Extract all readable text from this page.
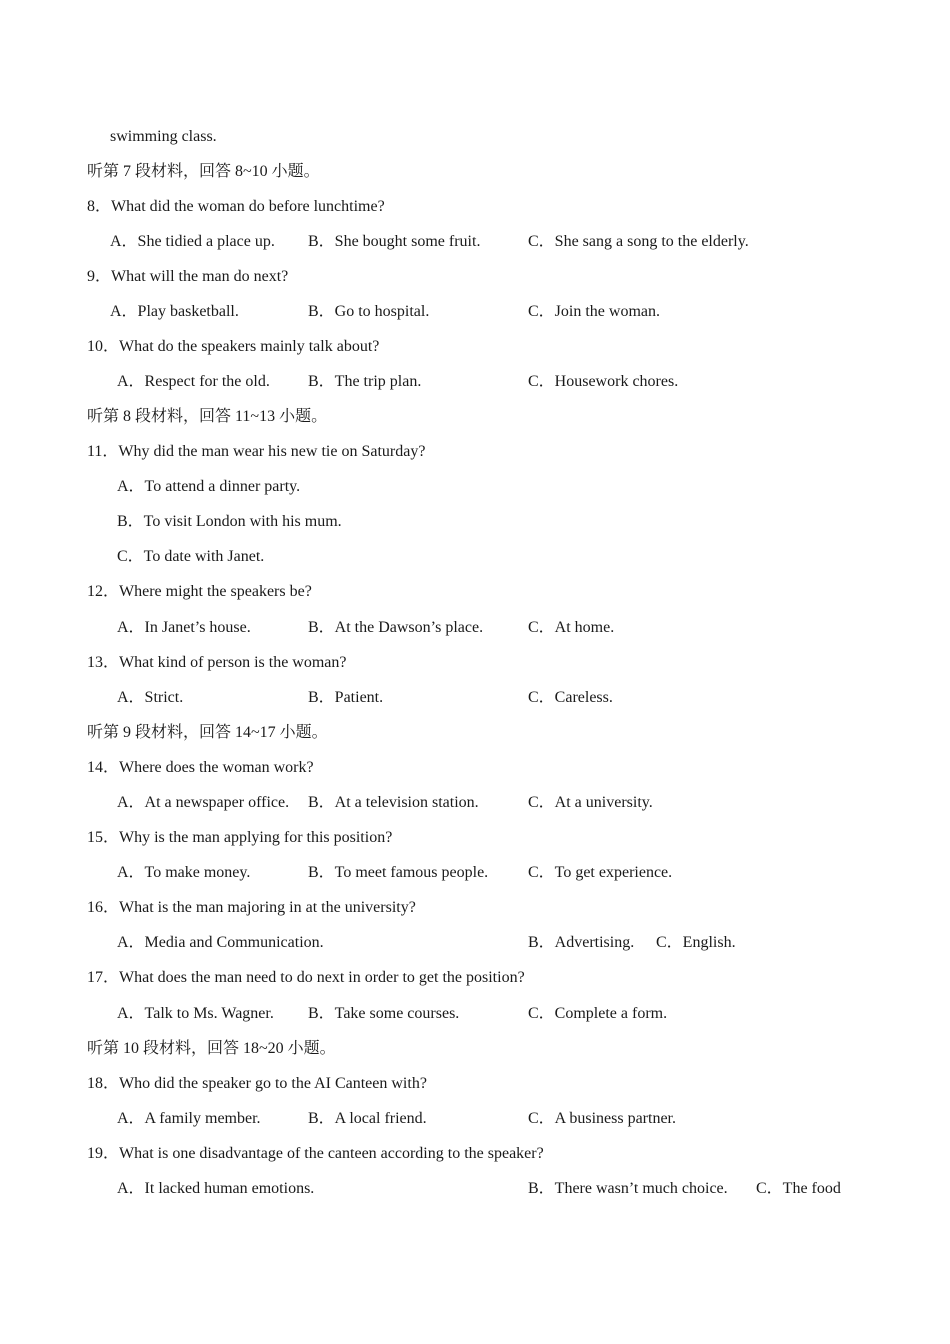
swimming class.
听第 7 段材料，回答 8~10 小题。
8．What did the woman do before lunchtime?
A．She tidied a place up. B．She bought some fruit.	C．She sang a song to the elderly.
9．What will the man do next?
A．Play basketball.	B．Go to hospital.	C．Join the woman.
10．What do the speakers mainly talk about?
A．Respect for the old. B．The trip plan.	C．Housework chores.
听第 8 段材料，回答 11~13 小题。
11．Why did the man wear his new tie on Saturday?
A．To attend a dinner party.
B．To visit London with his mum.
C．To date with Janet.
12．Where might the speakers be?
A．In Janet’s house.	B．At the Dawson’s place.	C．At home.
13．What kind of person is the woman?
A．Strict.	B．Patient.	C．Careless.
听第 9 段材料，回答 14~17 小题。
14．Where does the woman work?
A．At a newspaper office. B．At a television station.	C．At a university.
15．Why is the man applying for this position?
A．To make money.	B．To meet famous people. C．To get experience.
16．What is the man majoring in at the university?
A．Media and Communication.	B．Advertising. C．English.
17．What does the man need to do next in order to get the position?
A．Talk to Ms. Wagner. B．Take some courses.	C．Complete a form.
听第 10 段材料，回答 18~20 小题。
18．Who did the speaker go to the AI Canteen with?
A．A family member.	B．A local friend.	C．A business partner.
19．What is one disadvantage of the canteen according to the speaker?
A．It lacked human emotions.	B．There wasn’t much choice. C．The food
